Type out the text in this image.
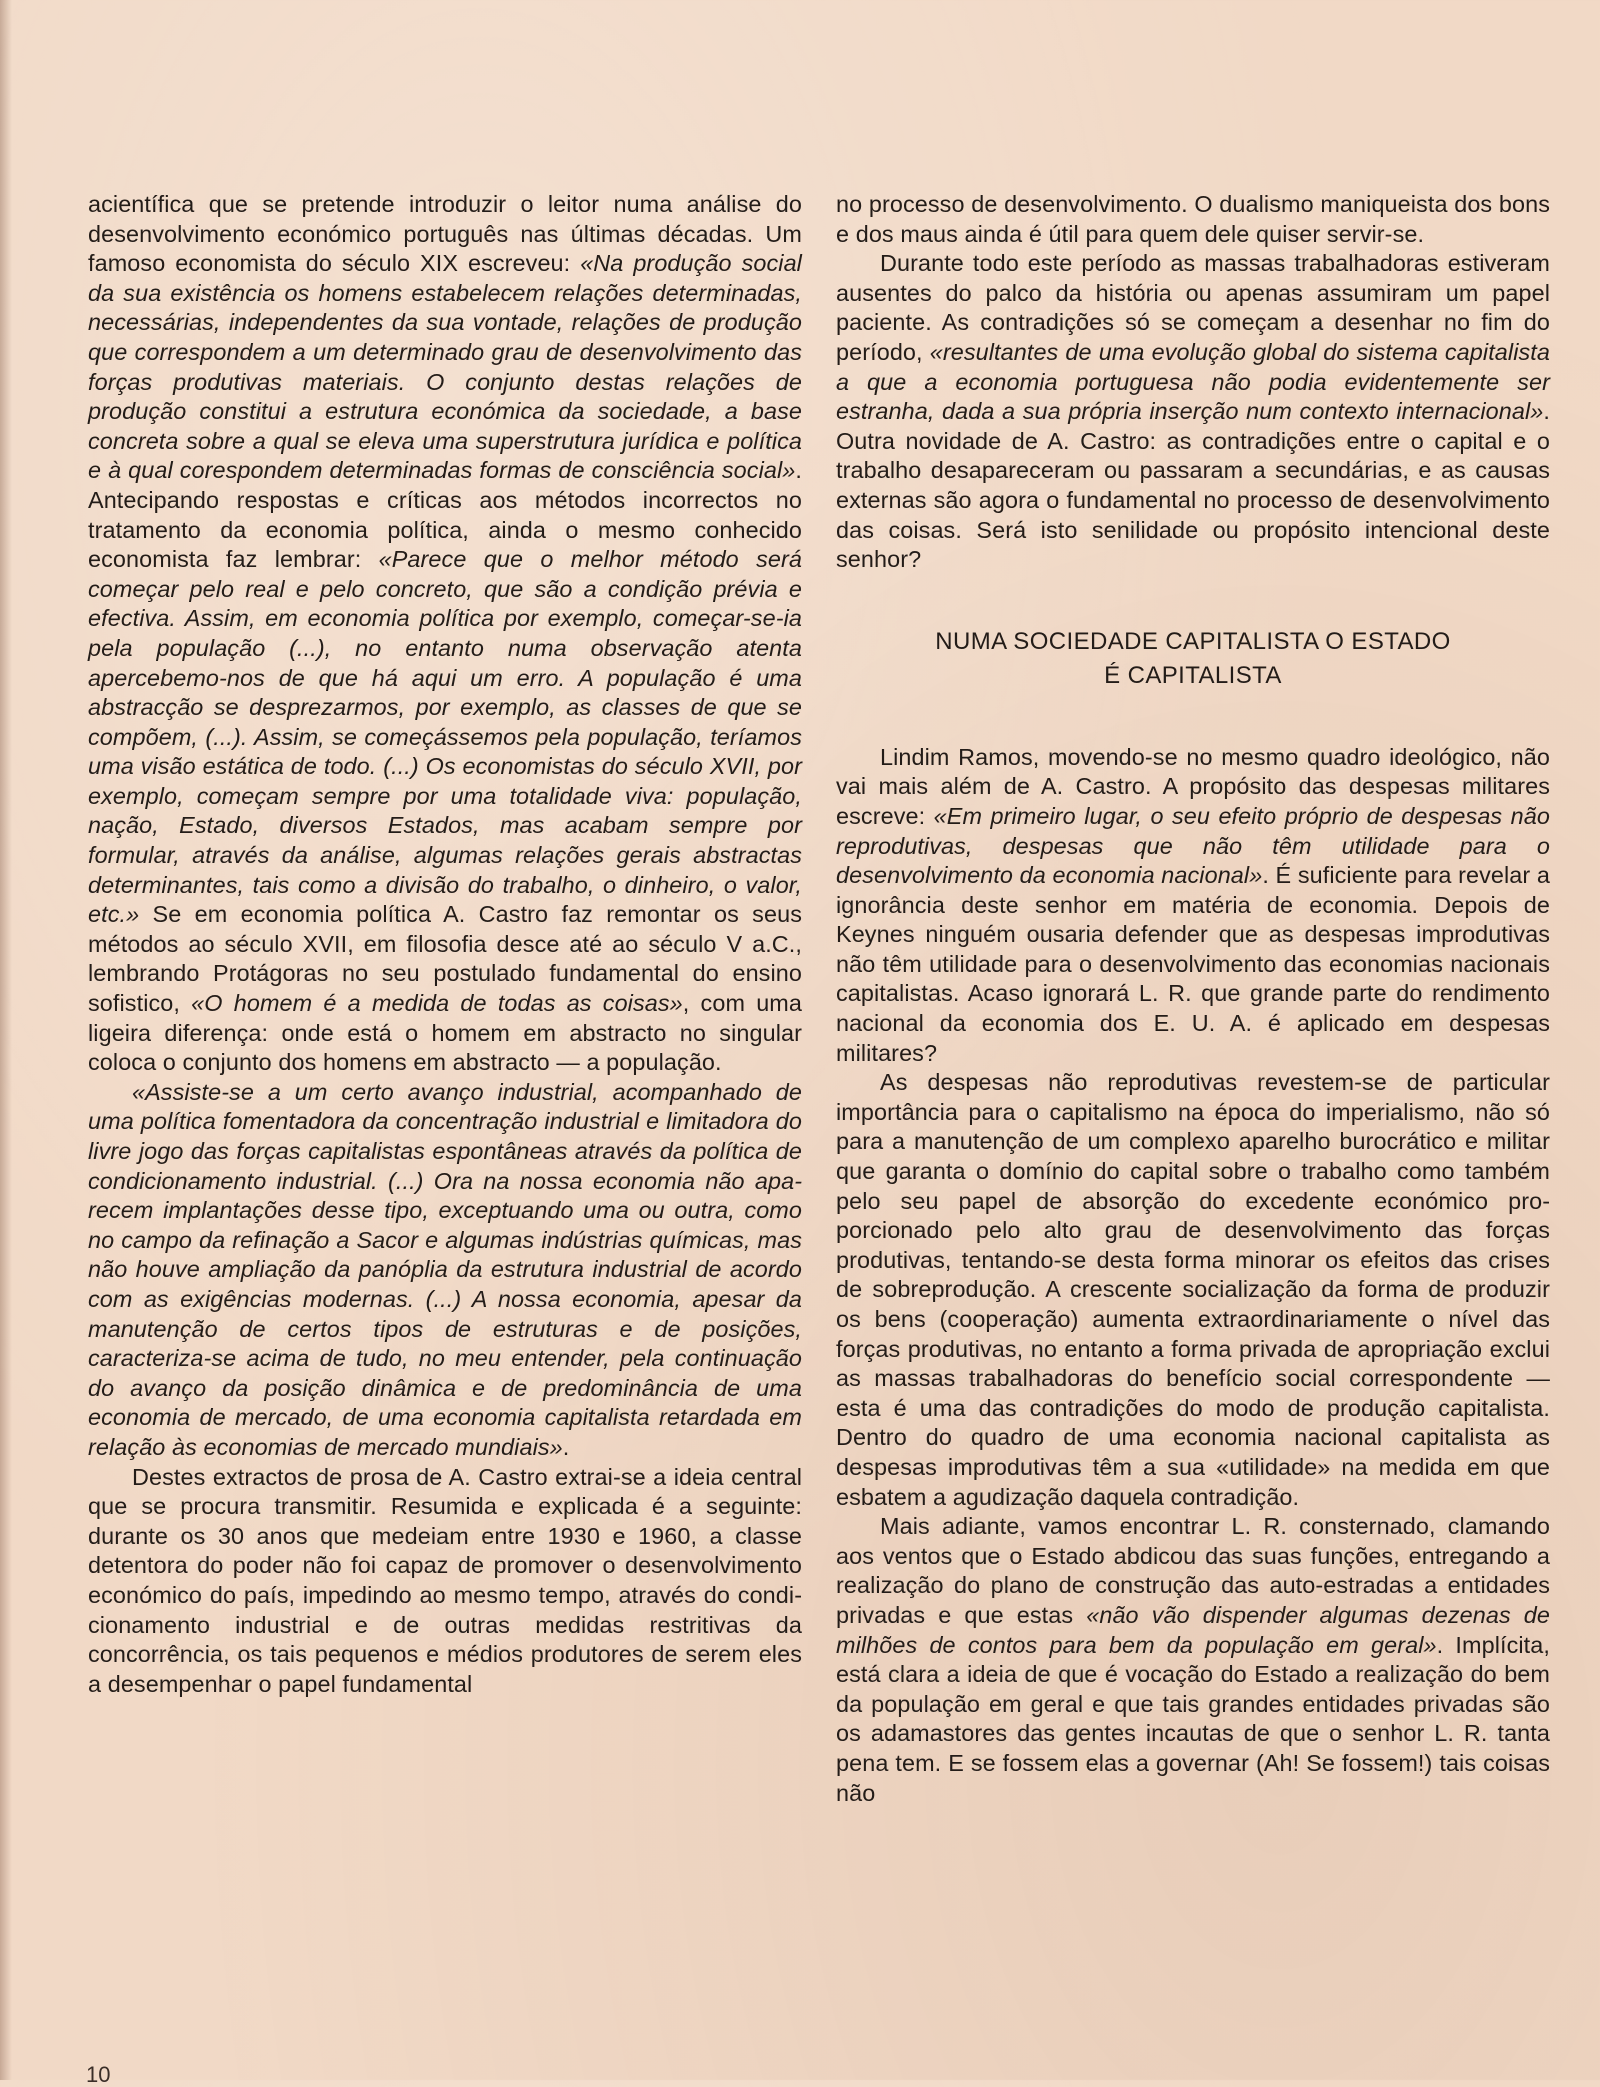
acientífica que se pretende introduzir o leitor numa análise do desenvolvimento económico português nas últimas décadas. Um famoso economista do século XIX escreveu: «Na produção social da sua existência os homens estabelecem relações determinadas, necessárias, independentes da sua vontade, relações de produção que correspondem a um determinado grau de desenvolvimento das forças produtivas materiais. O conjunto destas relações de produção constitui a estrutura económica da sociedade, a base concreta sobre a qual se eleva uma superstrutura jurídica e política e à qual corespondem determinadas formas de consciência social». Antecipando respostas e críticas aos métodos incorrectos no tratamento da economia política, ainda o mesmo conhecido economista faz lembrar: «Parece que o melhor método será começar pelo real e pelo concreto, que são a condição prévia e efectiva. Assim, em economia política por exemplo, começar-se-ia pela população (...), no entanto numa observação atenta apercebemo-nos de que há aqui um erro. A população é uma abstracção se desprezarmos, por exemplo, as classes de que se compõem, (...). Assim, se começássemos pela população, teríamos uma visão estática de todo. (...) Os economistas do século XVII, por exemplo, começam sempre por uma totalidade viva: população, nação, Estado, diversos Estados, mas acabam sempre por formular, através da análise, algumas relações gerais abstractas determinantes, tais como a divisão do trabalho, o dinheiro, o valor, etc.» Se em economia política A. Castro faz remontar os seus métodos ao século XVII, em filosofia desce até ao século V a.C., lembrando Protágoras no seu postulado fundamental do ensino sofistico, «O homem é a medida de todas as coisas», com uma ligeira diferença: onde está o homem em abstracto no singular coloca o conjunto dos homens em abstracto — a população.

«Assiste-se a um certo avanço industrial, acompanhado de uma política fomentadora da concentração industrial e limitadora do livre jogo das forças capitalistas espontâneas através da política de condicionamento industrial. (...) Ora na nossa economia não aparecem implantações desse tipo, exceptuando uma ou outra, como no campo da refinação a Sacor e algumas indústrias químicas, mas não houve ampliação da panóplia da estrutura industrial de acordo com as exigências modernas. (...) A nossa economia, apesar da manutenção de certos tipos de estruturas e de posições, caracteriza-se acima de tudo, no meu entender, pela continuação do avanço da posição dinâmica e de predominância de uma economia de mercado, de uma economia capitalista retardada em relação às economias de mercado mundiais».

Destes extractos de prosa de A. Castro extrai-se a ideia central que se procura transmitir. Resumida e explicada é a seguinte: durante os 30 anos que medeiam entre 1930 e 1960, a classe detentora do poder não foi capaz de promover o desenvolvimento económico do país, impedindo ao mesmo tempo, através do condicionamento industrial e de outras medidas restritivas da concorrência, os tais pequenos e médios produtores de serem eles a desempenhar o papel fundamental

no processo de desenvolvimento. O dualismo maniqueista dos bons e dos maus ainda é útil para quem dele quiser servir-se.

Durante todo este período as massas trabalhadoras estiveram ausentes do palco da história ou apenas assumiram um papel paciente. As contradições só se começam a desenhar no fim do período, «resultantes de uma evolução global do sistema capitalista a que a economia portuguesa não podia evidentemente ser estranha, dada a sua própria inserção num contexto internacional». Outra novidade de A. Castro: as contradições entre o capital e o trabalho desapareceram ou passaram a secundárias, e as causas externas são agora o fundamental no processo de desenvolvimento das coisas. Será isto senilidade ou propósito intencional deste senhor?

NUMA SOCIEDADE CAPITALISTA O ESTADO
É CAPITALISTA

Lindim Ramos, movendo-se no mesmo quadro ideológico, não vai mais além de A. Castro. A propósito das despesas militares escreve: «Em primeiro lugar, o seu efeito próprio de despesas não reprodutivas, despesas que não têm utilidade para o desenvolvimento da economia nacional». É suficiente para revelar a ignorância deste senhor em matéria de economia. Depois de Keynes ninguém ousaria defender que as despesas improdutivas não têm utilidade para o desenvolvimento das economias nacionais capitalistas. Acaso ignorará L. R. que grande parte do rendimento nacional da economia dos E. U. A. é aplicado em despesas militares?

As despesas não reprodutivas revestem-se de particular importância para o capitalismo na época do imperialismo, não só para a manutenção de um complexo aparelho burocrático e militar que garanta o domínio do capital sobre o trabalho como também pelo seu papel de absorção do excedente económico proporcionado pelo alto grau de desenvolvimento das forças produtivas, tentando-se desta forma minorar os efeitos das crises de sobreprodução. A crescente socialização da forma de produzir os bens (cooperação) aumenta extraordinariamente o nível das forças produtivas, no entanto a forma privada de apropriação exclui as massas trabalhadoras do benefício social correspondente — esta é uma das contradições do modo de produção capitalista. Dentro do quadro de uma economia nacional capitalista as despesas improdutivas têm a sua «utilidade» na medida em que esbatem a agudização daquela contradição.

Mais adiante, vamos encontrar L. R. consternado, clamando aos ventos que o Estado abdicou das suas funções, entregando a realização do plano de construção das auto-estradas a entidades privadas e que estas «não vão dispender algumas dezenas de milhões de contos para bem da população em geral». Implícita, está clara a ideia de que é vocação do Estado a realização do bem da população em geral e que tais grandes entidades privadas são os adamastores das gentes incautas de que o senhor L. R. tanta pena tem. E se fossem elas a governar (Ah! Se fossem!) tais coisas não

10
